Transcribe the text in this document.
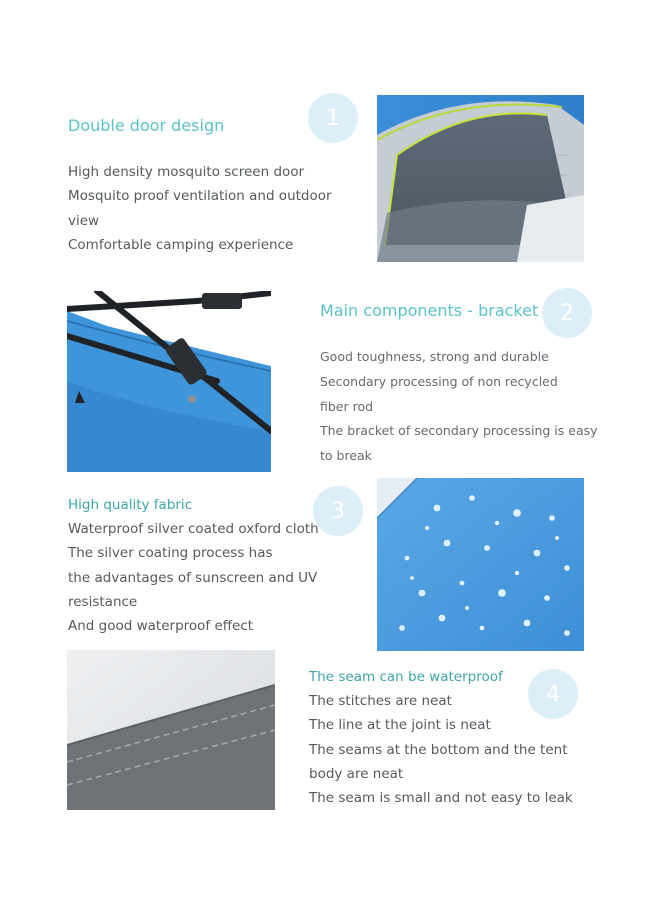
Double door design
High density mosquito screen door
Mosquito proof ventilation and outdoor
view
Comfortable camping experience
1
Main components - bracket 2
Good toughness, strong and durable
Secondary processing of non recycled
fiber rod
The bracket of secondary processing is easy
to break
High quality fabric
Waterproof silver coated oxford cloth
The silver coating process has
the advantages of sunscreen and UV
resistance
And good waterproof effect
3
The seam can be waterproof
4
The stitches are neat
The line at the joint is neat
The seams at the bottom and the tent
body are neat
The seam is small and not easy to leak
